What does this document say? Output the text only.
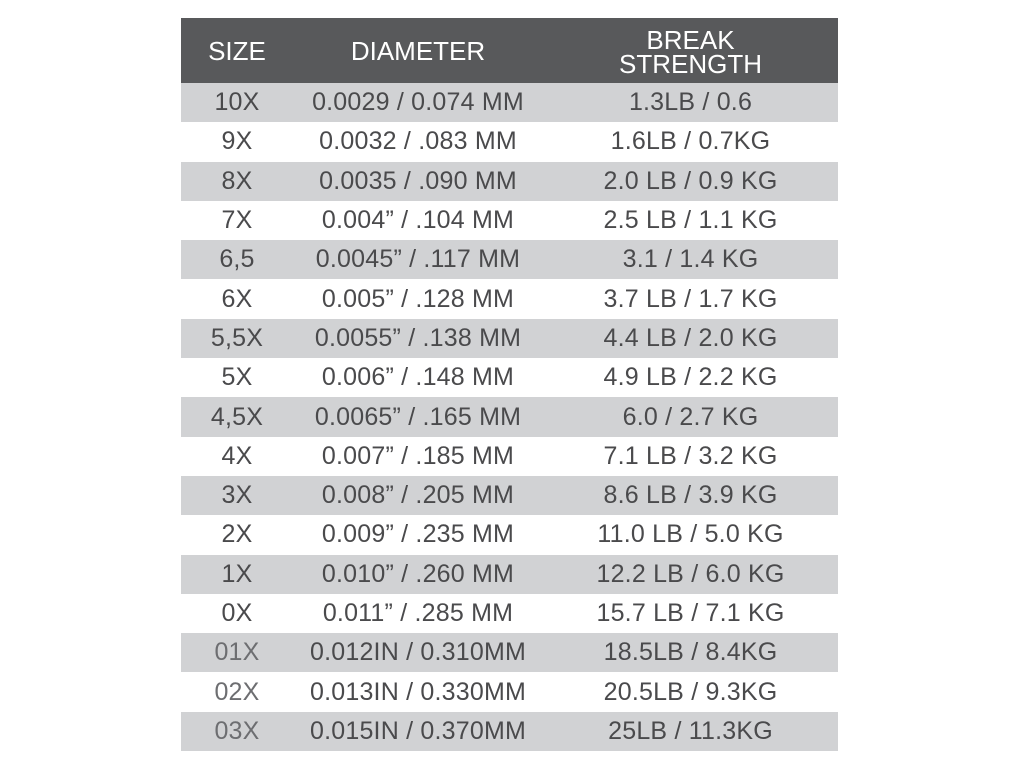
SIZE	DIAMETER	BREAK
STRENGTH
10X	0.0029 / 0.074 MM	1.3LB / 0.6
9X	0.0032 / .083 MM	1.6LB / 0.7KG
8X	0.0035 / .090 MM	2.0 LB / 0.9 KG
7X	0.004” / .104 MM	2.5 LB / 1.1 KG
6,5	0.0045” / .117 MM	3.1 / 1.4 KG
6X	0.005” / .128 MM	3.7 LB / 1.7 KG
5,5X	0.0055” / .138 MM	4.4 LB / 2.0 KG
5X	0.006” / .148 MM	4.9 LB / 2.2 KG
4,5X	0.0065” / .165 MM	6.0 / 2.7 KG
4X	0.007” / .185 MM	7.1 LB / 3.2 KG
3X	0.008” / .205 MM	8.6 LB / 3.9 KG
2X	0.009” / .235 MM	11.0 LB / 5.0 KG
1X	0.010” / .260 MM	12.2 LB / 6.0 KG
0X	0.011” / .285 MM	15.7 LB / 7.1 KG
01X	0.012IN / 0.310MM	18.5LB / 8.4KG
02X	0.013IN / 0.330MM	20.5LB / 9.3KG
03X	0.015IN / 0.370MM	25LB / 11.3KG
